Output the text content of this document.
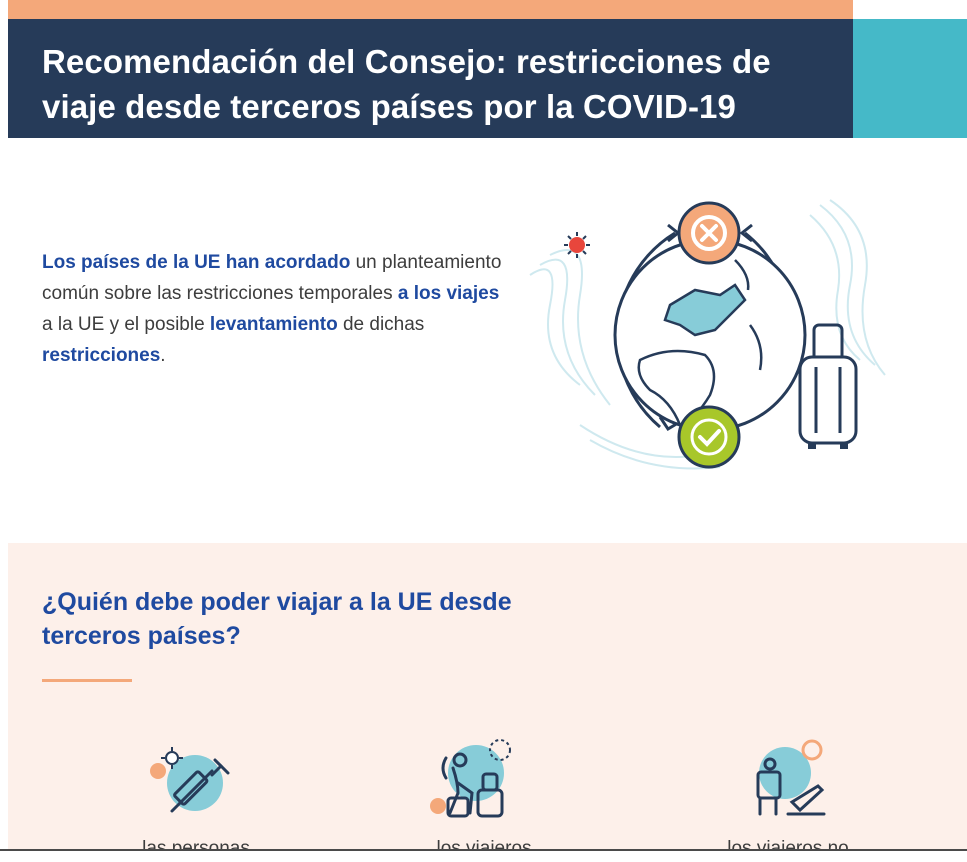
Recomendación del Consejo: restricciones de viaje desde terceros países por la COVID-19
Los países de la UE han acordado un planteamiento común sobre las restricciones temporales a los viajes a la UE y el posible levantamiento de dichas restricciones.
¿Quién debe poder viajar a la UE desde terceros países?
